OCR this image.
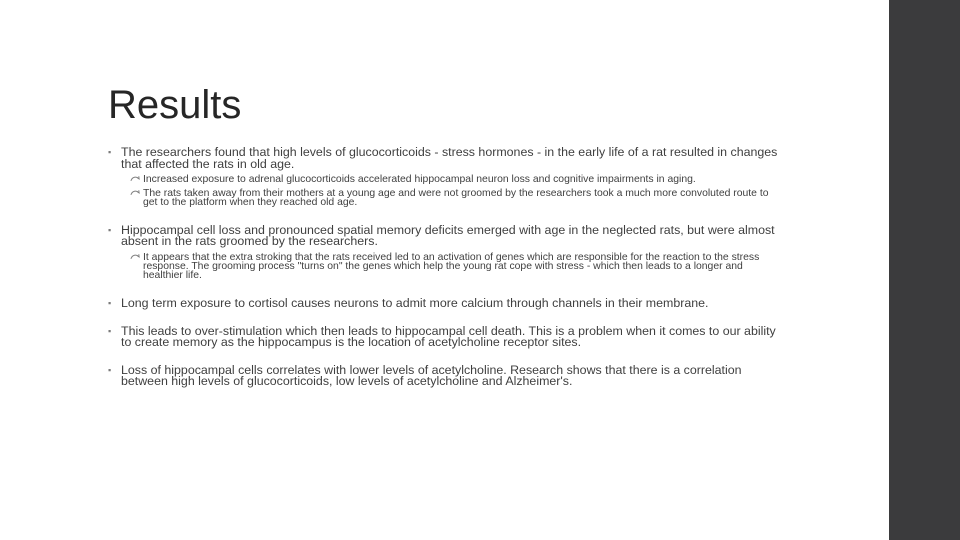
Results
▪ The researchers found that high levels of glucocorticoids - stress hormones - in the early life of a rat resulted in changes that affected the rats in old age.
Increased exposure to adrenal glucocorticoids accelerated hippocampal neuron loss and cognitive impairments in aging.
The rats taken away from their mothers at a young age and were not groomed by the researchers took a much more convoluted route to get to the platform when they reached old age.
▪ Hippocampal cell loss and pronounced spatial memory deficits emerged with age in the neglected rats, but were almost absent in the rats groomed by the researchers.
It appears that the extra stroking that the rats received led to an activation of genes which are responsible for the reaction to the stress response. The grooming process "turns on" the genes which help the young rat cope with stress - which then leads to a longer and healthier life.
▪ Long term exposure to cortisol causes neurons to admit more calcium through channels in their membrane.
▪ This leads to over-stimulation which then leads to hippocampal cell death. This is a problem when it comes to our ability to create memory as the hippocampus is the location of acetylcholine receptor sites.
▪ Loss of hippocampal cells correlates with lower levels of acetylcholine. Research shows that there is a correlation between high levels of glucocorticoids, low levels of acetylcholine and Alzheimer's.
